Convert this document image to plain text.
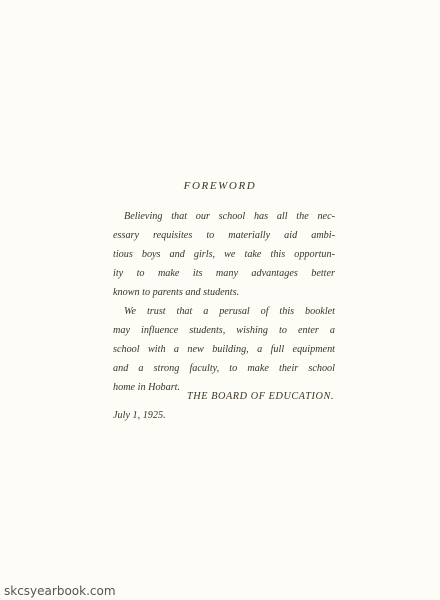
FOREWORD

Believing that our school has all the nec-

essary requisites to materially aid ambi-

tious boys and girls, we take this opportun-

ity to make its many advantages better

known to parents and students.

We trust that a perusal of this booklet

may influence students, wishing to enter a

school with a new building, a full equipment

and a strong faculty, to make their school

home in Hobart.

THE BOARD OF EDUCATION.

July 1, 1925.

skcsyearbook.com
